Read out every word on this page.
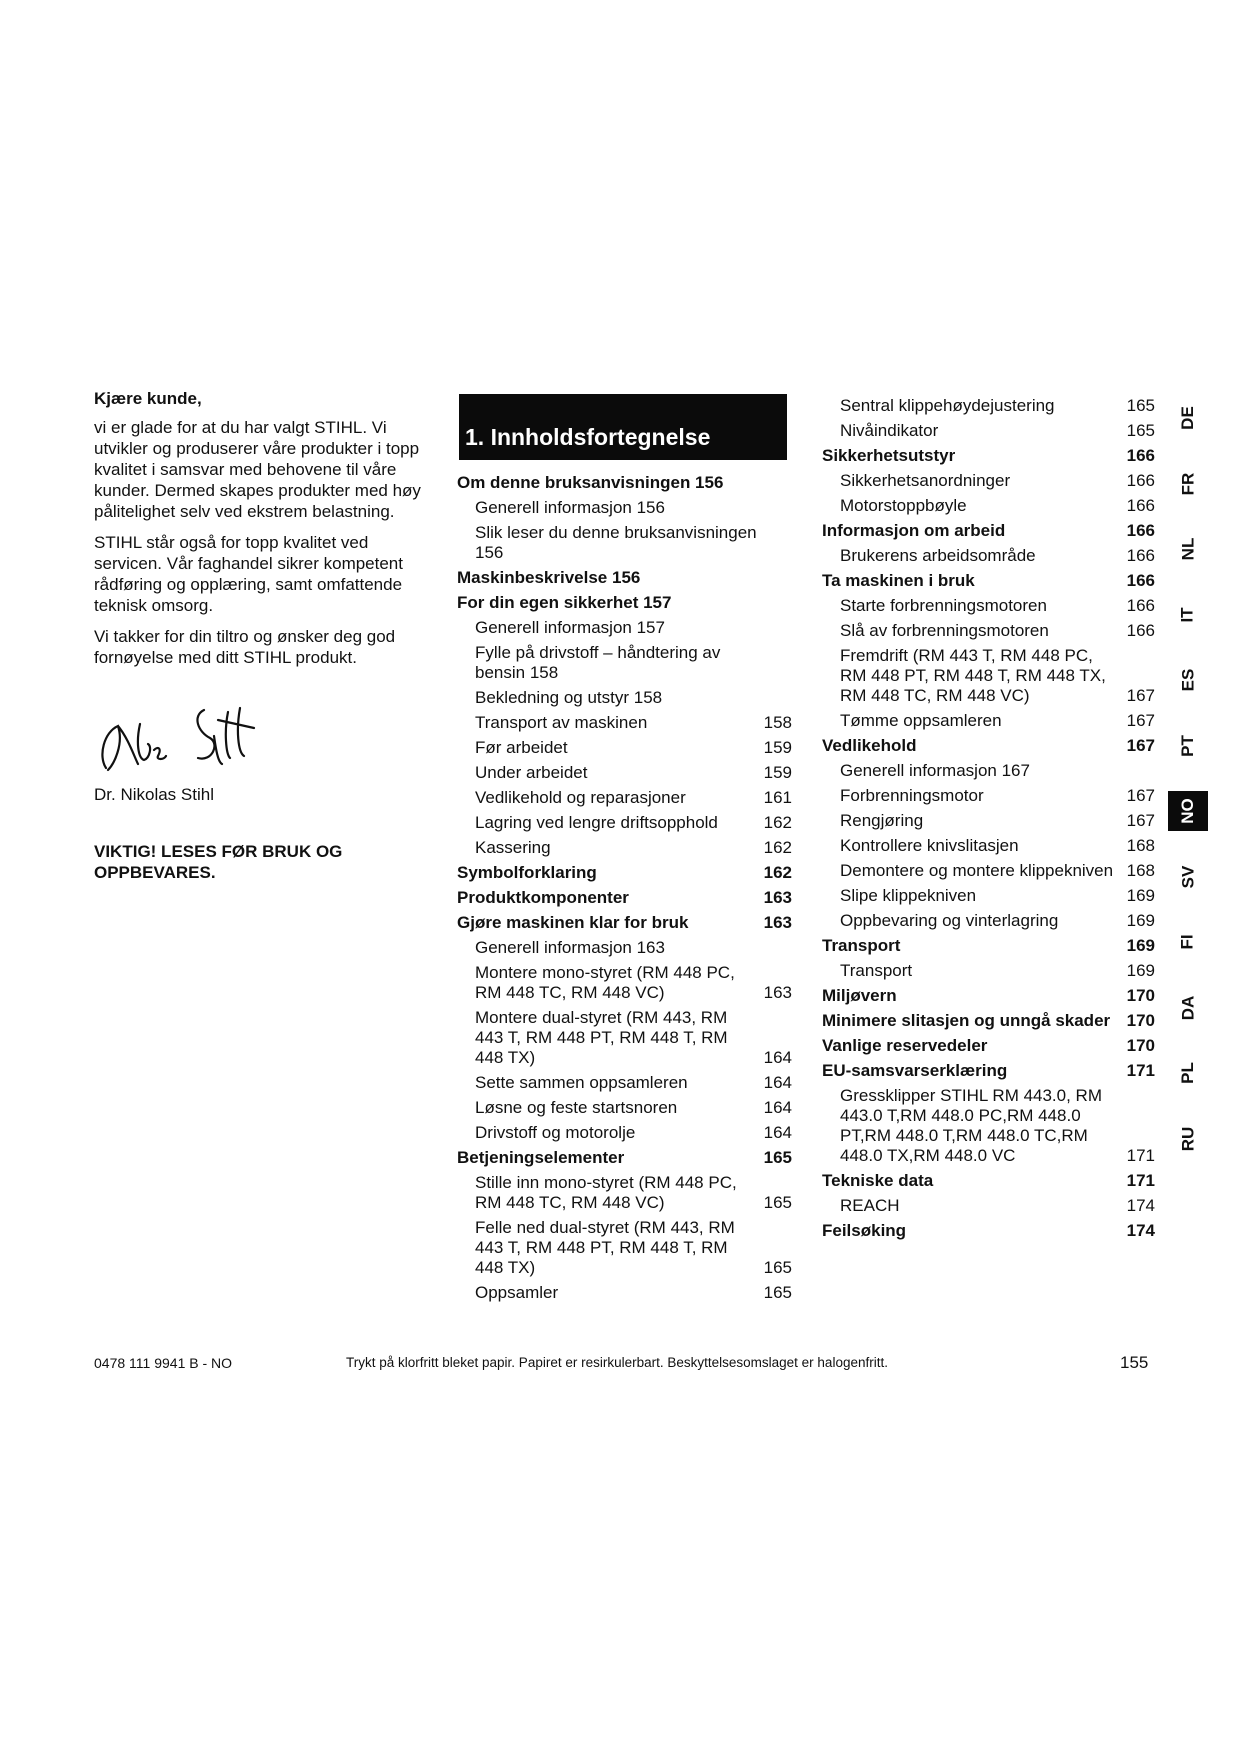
Kjære kunde,

vi er glade for at du har valgt STIHL. Vi utvikler og produserer våre produkter i topp kvalitet i samsvar med behovene til våre kunder. Dermed skapes produkter med høy pålitelighet selv ved ekstrem belastning.

STIHL står også for topp kvalitet ved servicen. Vår faghandel sikrer kompetent rådføring og opplæring, samt omfattende teknisk omsorg.

Vi takker for din tiltro og ønsker deg god fornøyelse med ditt STIHL produkt.

Dr. Nikolas Stihl

VIKTIG! LESES FØR BRUK OG OPPBEVARES.

1. Innholdsfortegnelse
Om denne bruksanvisningen 156
Generell informasjon 156
Slik leser du denne bruksanvisningen 156
Maskinbeskrivelse 156
For din egen sikkerhet 157
Generell informasjon 157
Fylle på drivstoff – håndtering av bensin 158
Bekledning og utstyr 158
Transport av maskinen	158
Før arbeidet	159
Under arbeidet	159
Vedlikehold og reparasjoner	161
Lagring ved lengre driftsopphold	162
Kassering	162
Symbolforklaring	162
Produktkomponenter	163
Gjøre maskinen klar for bruk	163
Generell informasjon 163
Montere mono-styret (RM 448 PC, RM 448 TC, RM 448 VC)	163
Montere dual-styret (RM 443, RM 443 T, RM 448 PT, RM 448 T, RM 448 TX)	164
Sette sammen oppsamleren	164
Løsne og feste startsnoren	164
Drivstoff og motorolje	164
Betjeningselementer	165
Stille inn mono-styret (RM 448 PC, RM 448 TC, RM 448 VC)	165
Felle ned dual-styret (RM 443, RM 443 T, RM 448 PT, RM 448 T, RM 448 TX)	165
Oppsamler	165
Sentral klippehøydejustering	165
Nivåindikator	165
Sikkerhetsutstyr	166
Sikkerhetsanordninger	166
Motorstoppbøyle	166
Informasjon om arbeid	166
Brukerens arbeidsområde	166
Ta maskinen i bruk	166
Starte forbrenningsmotoren	166
Slå av forbrenningsmotoren	166
Fremdrift (RM 443 T, RM 448 PC, RM 448 PT, RM 448 T, RM 448 TX, RM 448 TC, RM 448 VC)	167
Tømme oppsamleren	167
Vedlikehold	167
Generell informasjon 167
Forbrenningsmotor	167
Rengjøring	167
Kontrollere knivslitasjen	168
Demontere og montere klippekniven 168
Slipe klippekniven	169
Oppbevaring og vinterlagring	169
Transport	169
Transport	169
Miljøvern	170
Minimere slitasjen og unngå skader 170
Vanlige reservedeler	170
EU-samsvarserklæring	171
Gressklipper STIHL RM 443.0, RM 443.0 T,RM 448.0 PC,RM 448.0 PT,RM 448.0 T,RM 448.0 TC,RM 448.0 TX,RM 448.0 VC	171
Tekniske data	171
REACH	174
Feilsøking	174
DE
FR
NL
IT
ES
PT
NO
SV
FI
DA
PL
RU
0478 111 9941 B - NO	Trykt på klorfritt bleket papir. Papiret er resirkulerbart. Beskyttelsesomslaget er halogenfritt.	155
